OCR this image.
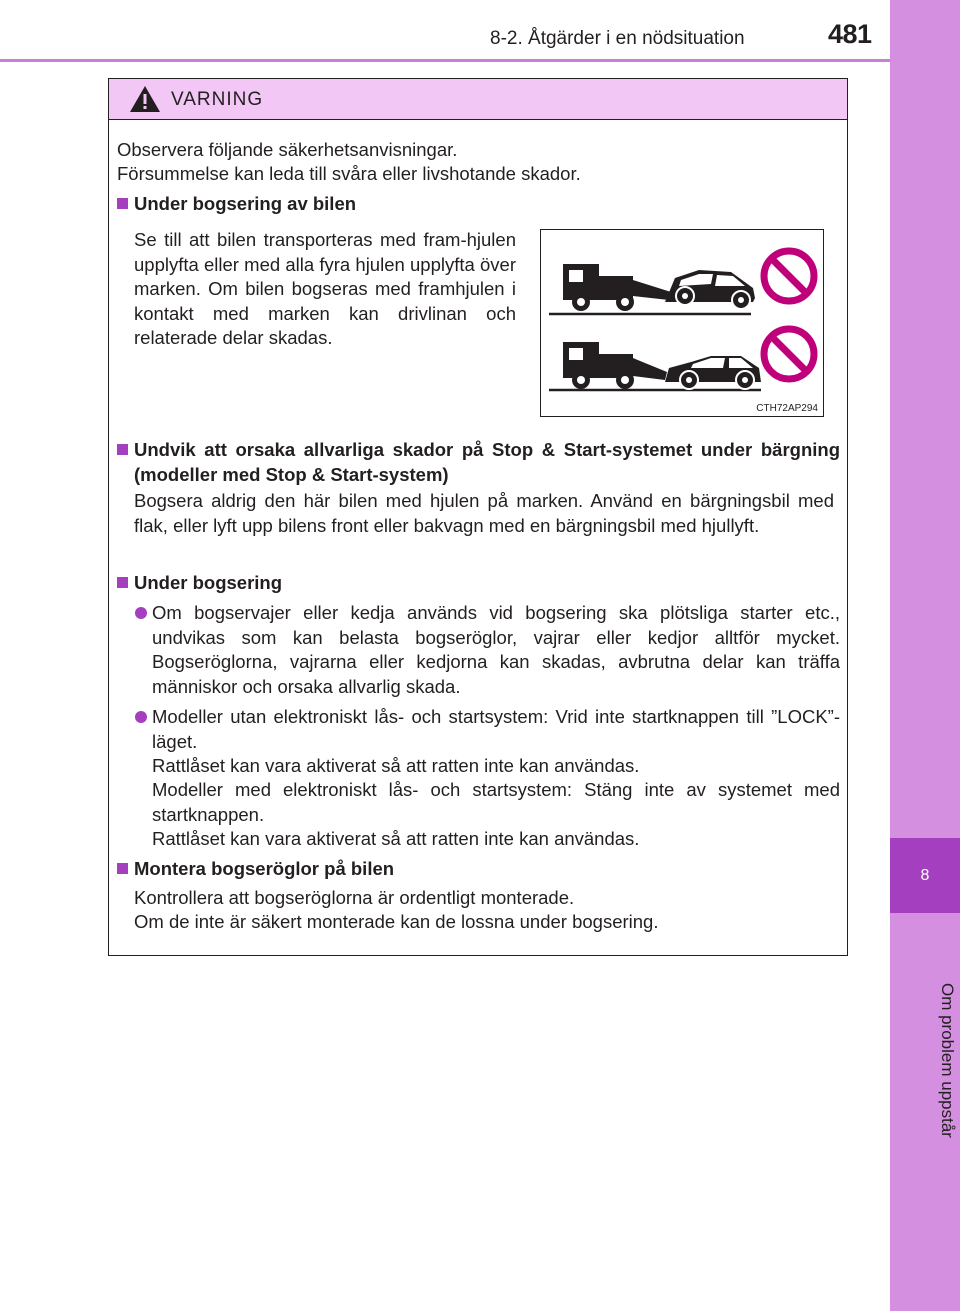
8-2. Åtgärder i en nödsituation	481
8
Om problem uppstår
VARNING
Observera följande säkerhetsanvisningar.
Försummelse kan leda till svåra eller livshotande skador.
Under bogsering av bilen
Se till att bilen transporteras med fram-hjulen upplyfta eller med alla fyra hjulen upplyfta över marken. Om bilen bogseras med framhjulen i kontakt med marken kan drivlinan och relaterade delar skadas.
CTH72AP294
Undvik att orsaka allvarliga skador på Stop & Start-systemet under bärgning (modeller med Stop & Start-system)
Bogsera aldrig den här bilen med hjulen på marken. Använd en bärgningsbil med flak, eller lyft upp bilens front eller bakvagn med en bärgningsbil med hjullyft.
Under bogsering
Om bogservajer eller kedja används vid bogsering ska plötsliga starter etc., undvikas som kan belasta bogseröglor, vajrar eller kedjor alltför mycket. Bogseröglorna, vajrarna eller kedjorna kan skadas, avbrutna delar kan träffa människor och orsaka allvarlig skada.
Modeller utan elektroniskt lås- och startsystem: Vrid inte startknappen till ”LOCK”-läget.
Rattlåset kan vara aktiverat så att ratten inte kan användas.
Modeller med elektroniskt lås- och startsystem: Stäng inte av systemet med startknappen.
Rattlåset kan vara aktiverat så att ratten inte kan användas.
Montera bogseröglor på bilen
Kontrollera att bogseröglorna är ordentligt monterade.
Om de inte är säkert monterade kan de lossna under bogsering.
